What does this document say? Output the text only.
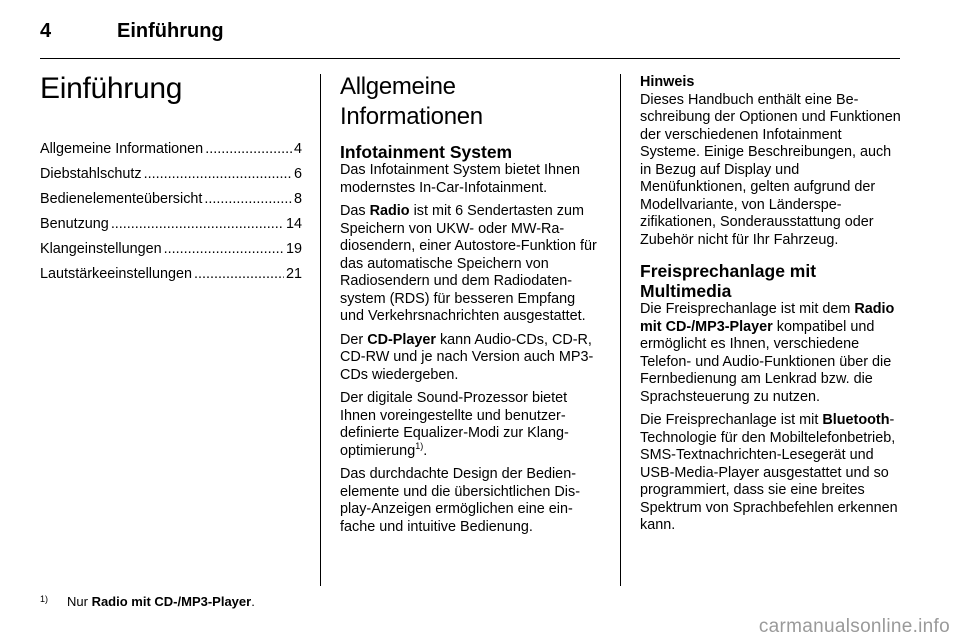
4	Einführung
Einführung
Allgemeine Informationen .....	4
Diebstahlschutz .....	6
Bedienelementeübersicht .....	8
Benutzung .....	14
Klangeinstellungen .....	19
Lautstärkeeinstellungen .....	21
Allgemeine Informationen
Infotainment System

Das Infotainment System bietet Ihnen modernstes In-Car-Infotainment.

Das Radio ist mit 6 Sendertasten zum Speichern von UKW- oder MW-Radiosendern, einer Autostore-Funktion für das automatische Speichern von Radiosendern und dem Radiodatensystem (RDS) für besseren Empfang und Verkehrsnachrichten ausgestattet.

Der CD-Player kann Audio-CDs, CD-R, CD-RW und je nach Version auch MP3-CDs wiedergeben.

Der digitale Sound-Prozessor bietet Ihnen voreingestellte und benutzerdefinierte Equalizer-Modi zur Klangoptimierung$^{1)}$.

Das durchdachte Design der Bedienelemente und die übersichtlichen Display-Anzeigen ermöglichen eine einfache und intuitive Bedienung.

Hinweis

Dieses Handbuch enthält eine Beschreibung der Optionen und Funktionen der verschiedenen Infotainment Systeme. Einige Beschreibungen, auch in Bezug auf Display und Menüfunktionen, gelten aufgrund der Modellvariante, von Länderspezifikationen, Sonderausstattung oder Zubehör nicht für Ihr Fahrzeug.

Freisprechanlage mit Multimedia

Die Freisprechanlage ist mit dem Radio mit CD-/MP3-Player kompatibel und ermöglicht es Ihnen, verschiedene Telefon- und Audio-Funktionen über die Fernbedienung am Lenkrad bzw. die Sprachsteuerung zu nutzen.

Die Freisprechanlage ist mit Bluetooth-Technologie für den Mobiltelefonbetrieb, SMS-Textnachrichten-Lesegerät und USB-Media-Player ausgestattet und so programmiert, dass sie eine breites Spektrum von Sprachbefehlen erkennen kann.

1)	Nur Radio mit CD-/MP3-Player.
carmanualsonline.info
